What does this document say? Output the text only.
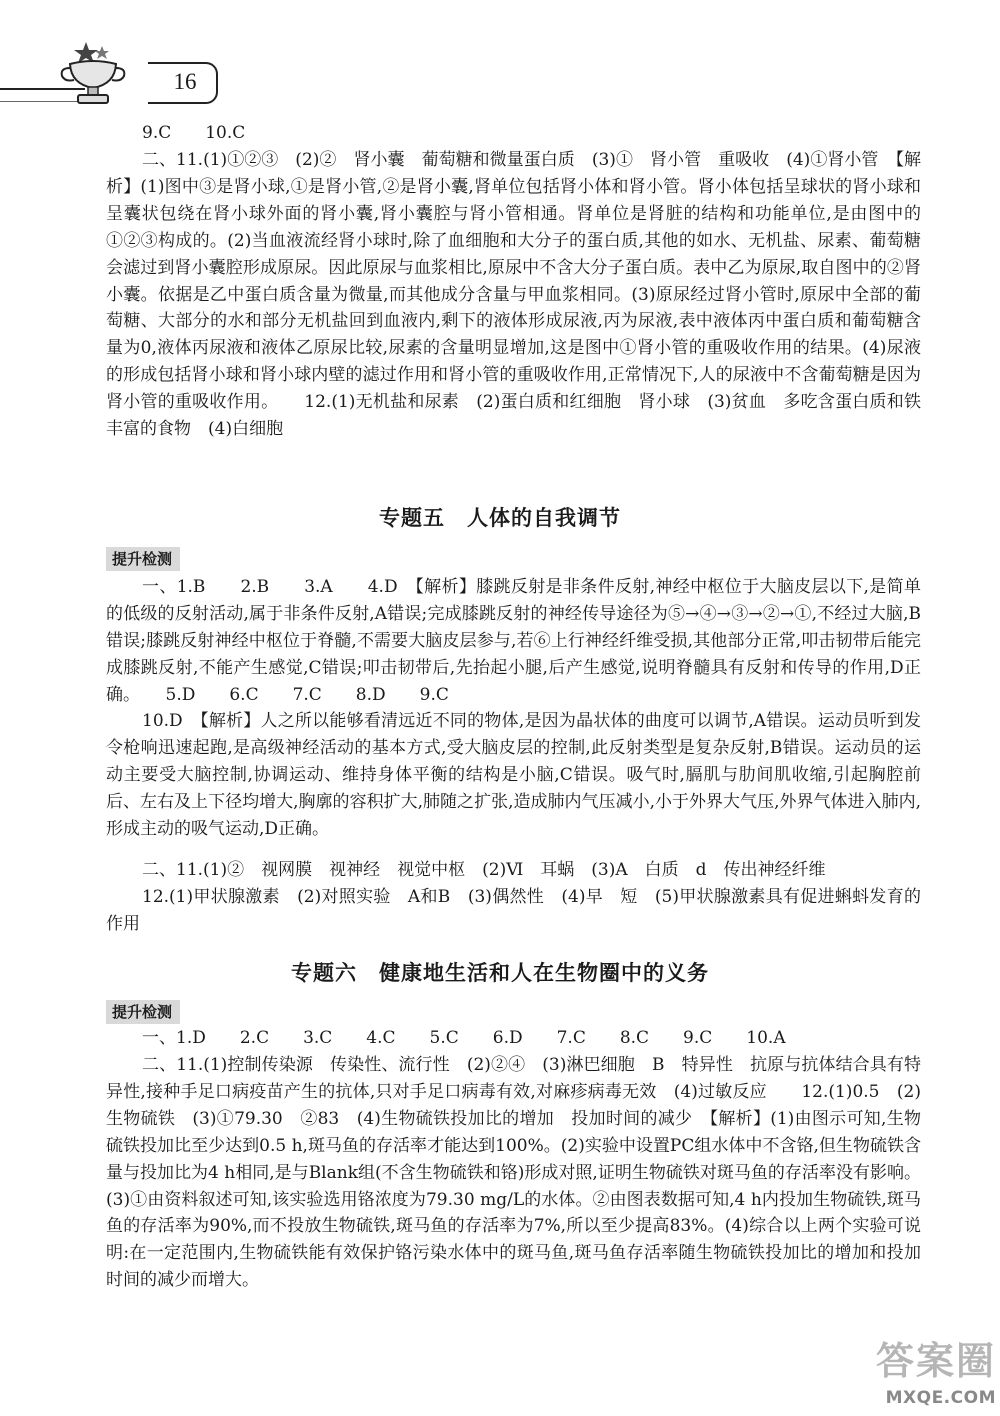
16

9.C　　10.C

二、11.(1)①②③　(2)②　肾小囊　葡萄糖和微量蛋白质　(3)①　肾小管　重吸收　(4)①肾小管　【解析】(1)图中③是肾小球,①是肾小管,②是肾小囊,肾单位包括肾小体和肾小管。肾小体包括呈球状的肾小球和呈囊状包绕在肾小球外面的肾小囊,肾小囊腔与肾小管相通。肾单位是肾脏的结构和功能单位,是由图中的①②③构成的。(2)当血液流经肾小球时,除了血细胞和大分子的蛋白质,其他的如水、无机盐、尿素、葡萄糖会滤过到肾小囊腔形成原尿。因此原尿与血浆相比,原尿中不含大分子蛋白质。表中乙为原尿,取自图中的②肾小囊。依据是乙中蛋白质含量为微量,而其他成分含量与甲血浆相同。(3)原尿经过肾小管时,原尿中全部的葡萄糖、大部分的水和部分无机盐回到血液内,剩下的液体形成尿液,丙为尿液,表中液体丙中蛋白质和葡萄糖含量为0,液体丙尿液和液体乙原尿比较,尿素的含量明显增加,这是图中①肾小管的重吸收作用的结果。(4)尿液的形成包括肾小球和肾小球内壁的滤过作用和肾小管的重吸收作用,正常情况下,人的尿液中不含葡萄糖是因为肾小管的重吸收作用。　　12.(1)无机盐和尿素　(2)蛋白质和红细胞　肾小球　(3)贫血　多吃含蛋白质和铁丰富的食物　(4)白细胞

专题五　人体的自我调节
提升检测

一、1.B　　2.B　　3.A　　4.D　【解析】膝跳反射是非条件反射,神经中枢位于大脑皮层以下,是简单的低级的反射活动,属于非条件反射,A错误;完成膝跳反射的神经传导途径为⑤→④→③→②→①,不经过大脑,B错误;膝跳反射神经中枢位于脊髓,不需要大脑皮层参与,若⑥上行神经纤维受损,其他部分正常,叩击韧带后能完成膝跳反射,不能产生感觉,C错误;叩击韧带后,先抬起小腿,后产生感觉,说明脊髓具有反射和传导的作用,D正确。　　5.D　　6.C　　7.C　　8.D　　9.C

10.D　【解析】人之所以能够看清远近不同的物体,是因为晶状体的曲度可以调节,A错误。运动员听到发令枪响迅速起跑,是高级神经活动的基本方式,受大脑皮层的控制,此反射类型是复杂反射,B错误。运动员的运动主要受大脑控制,协调运动、维持身体平衡的结构是小脑,C错误。吸气时,膈肌与肋间肌收缩,引起胸腔前后、左右及上下径均增大,胸廓的容积扩大,肺随之扩张,造成肺内气压减小,小于外界大气压,外界气体进入肺内,形成主动的吸气运动,D正确。

二、11.(1)②　视网膜　视神经　视觉中枢　(2)Ⅵ　耳蜗　(3)A　白质　d　传出神经纤维

12.(1)甲状腺激素　(2)对照实验　A和B　(3)偶然性　(4)早　短　(5)甲状腺激素具有促进蝌蚪发育的作用

专题六　健康地生活和人在生物圈中的义务
提升检测

一、1.D　　2.C　　3.C　　4.C　　5.C　　6.D　　7.C　　8.C　　9.C　　10.A

二、11.(1)控制传染源　传染性、流行性　(2)②④　(3)淋巴细胞　B　特异性　抗原与抗体结合具有特异性,接种手足口病疫苗产生的抗体,只对手足口病毒有效,对麻疹病毒无效　(4)过敏反应　　12.(1)0.5　(2)生物硫铁　(3)①79.30　②83　(4)生物硫铁投加比的增加　投加时间的减少　【解析】(1)由图示可知,生物硫铁投加比至少达到0.5 h,斑马鱼的存活率才能达到100%。(2)实验中设置PC组水体中不含铬,但生物硫铁含量与投加比为4 h相同,是与Blank组(不含生物硫铁和铬)形成对照,证明生物硫铁对斑马鱼的存活率没有影响。(3)①由资料叙述可知,该实验选用铬浓度为79.30 mg/L的水体。②由图表数据可知,4 h内投加生物硫铁,斑马鱼的存活率为90%,而不投放生物硫铁,斑马鱼的存活率为7%,所以至少提高83%。(4)综合以上两个实验可说明:在一定范围内,生物硫铁能有效保护铬污染水体中的斑马鱼,斑马鱼存活率随生物硫铁投加比的增加和投加时间的减少而增大。

答案圈
MXQE.COM
